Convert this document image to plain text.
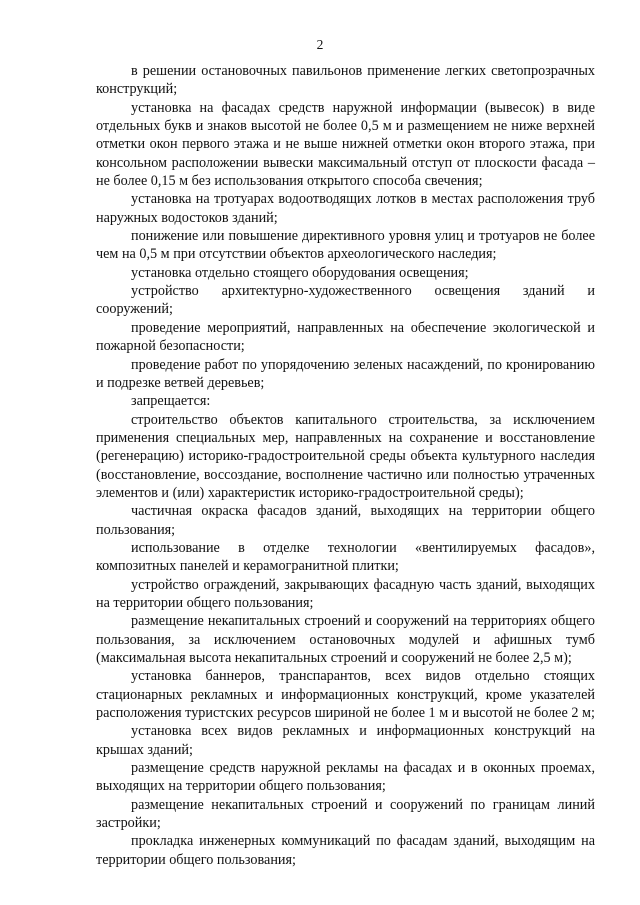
2

в решении остановочных павильонов применение легких светопрозрачных конструкций;

установка на фасадах средств наружной информации (вывесок) в виде отдельных букв и знаков высотой не более 0,5 м и размещением не ниже верхней отметки окон первого этажа и не выше нижней отметки окон второго этажа, при консольном расположении вывески максимальный отступ от плоскости фасада – не более 0,15 м без использования открытого способа свечения;

установка на тротуарах водоотводящих лотков в местах расположения труб наружных водостоков зданий;

понижение или повышение директивного уровня улиц и тротуаров не более чем на 0,5 м при отсутствии объектов археологического наследия;

установка отдельно стоящего оборудования освещения;

устройство архитектурно-художественного освещения зданий и сооружений;

проведение мероприятий, направленных на обеспечение экологической и пожарной безопасности;

проведение работ по упорядочению зеленых насаждений, по кронированию и подрезке ветвей деревьев;

запрещается:

строительство объектов капитального строительства, за исключением применения специальных мер, направленных на сохранение и восстановление (регенерацию) историко-градостроительной среды объекта культурного наследия (восстановление, воссоздание, восполнение частично или полностью утраченных элементов и (или) характеристик историко-градостроительной среды);

частичная окраска фасадов зданий, выходящих на территории общего пользования;

использование в отделке технологии «вентилируемых фасадов», композитных панелей и керамогранитной плитки;

устройство ограждений, закрывающих фасадную часть зданий, выходящих на территории общего пользования;

размещение некапитальных строений и сооружений на территориях общего пользования, за исключением остановочных модулей и афишных тумб (максимальная высота некапитальных строений и сооружений не более 2,5 м);

установка баннеров, транспарантов, всех видов отдельно стоящих стационарных рекламных и информационных конструкций, кроме указателей расположения туристских ресурсов шириной не более 1 м и высотой не более 2 м;

установка всех видов рекламных и информационных конструкций на крышах зданий;

размещение средств наружной рекламы на фасадах и в оконных проемах, выходящих на территории общего пользования;

размещение некапитальных строений и сооружений по границам линий застройки;

прокладка инженерных коммуникаций по фасадам зданий, выходящим на территории общего пользования;
